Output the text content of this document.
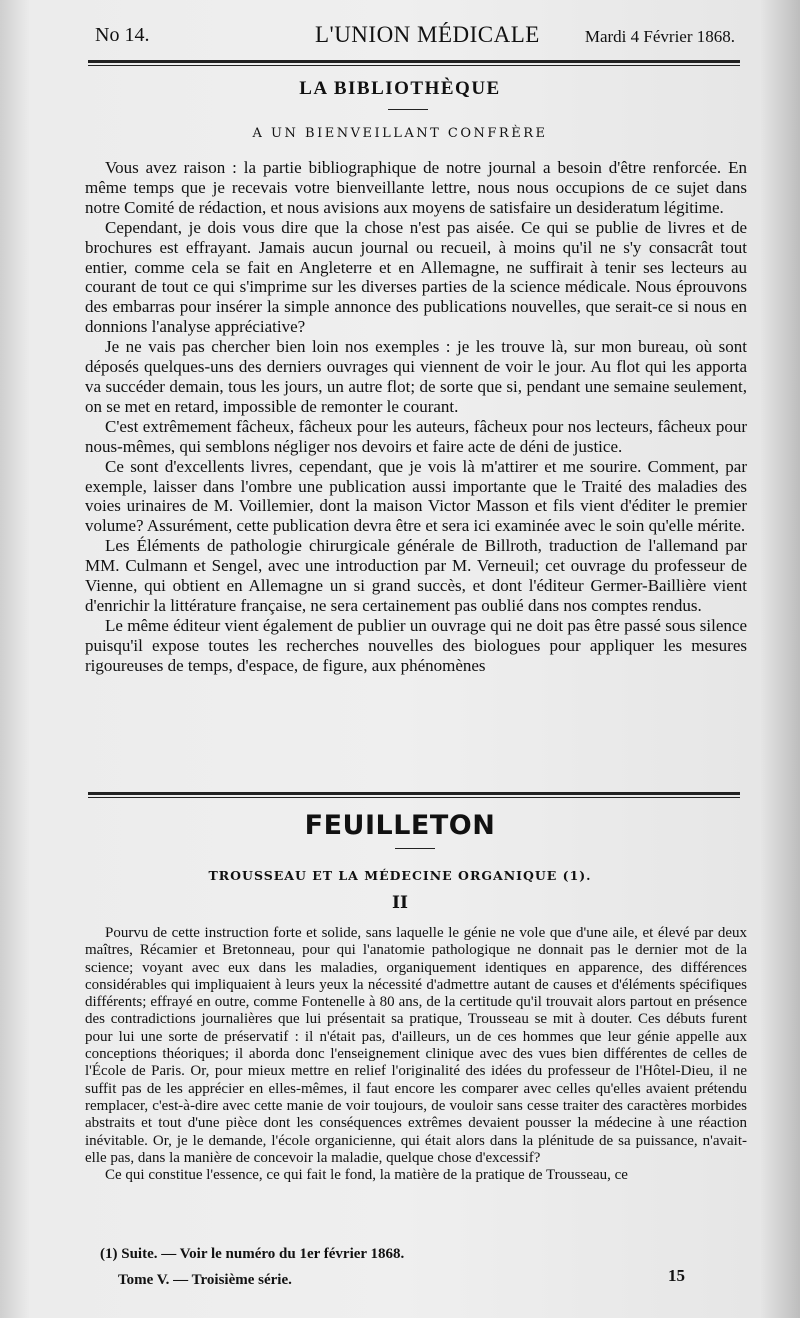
No 14.	L'UNION MÉDICALE	Mardi 4 Février 1868.
LA BIBLIOTHÈQUE
A UN BIENVEILLANT CONFRÈRE

Vous avez raison : la partie bibliographique de notre journal a besoin d'être renforcée. En même temps que je recevais votre bienveillante lettre, nous nous occupions de ce sujet dans notre Comité de rédaction, et nous avisions aux moyens de satisfaire un desideratum légitime.

Cependant, je dois vous dire que la chose n'est pas aisée. Ce qui se publie de livres et de brochures est effrayant. Jamais aucun journal ou recueil, à moins qu'il ne s'y consacrât tout entier, comme cela se fait en Angleterre et en Allemagne, ne suffirait à tenir ses lecteurs au courant de tout ce qui s'imprime sur les diverses parties de la science médicale. Nous éprouvons des embarras pour insérer la simple annonce des publications nouvelles, que serait-ce si nous en donnions l'analyse appréciative?

Je ne vais pas chercher bien loin nos exemples : je les trouve là, sur mon bureau, où sont déposés quelques-uns des derniers ouvrages qui viennent de voir le jour. Au flot qui les apporta va succéder demain, tous les jours, un autre flot; de sorte que si, pendant une semaine seulement, on se met en retard, impossible de remonter le courant.

C'est extrêmement fâcheux, fâcheux pour les auteurs, fâcheux pour nos lecteurs, fâcheux pour nous-mêmes, qui semblons négliger nos devoirs et faire acte de déni de justice.

Ce sont d'excellents livres, cependant, que je vois là m'attirer et me sourire. Comment, par exemple, laisser dans l'ombre une publication aussi importante que le Traité des maladies des voies urinaires de M. Voillemier, dont la maison Victor Masson et fils vient d'éditer le premier volume? Assurément, cette publication devra être et sera ici examinée avec le soin qu'elle mérite.

Les Éléments de pathologie chirurgicale générale de Billroth, traduction de l'allemand par MM. Culmann et Sengel, avec une introduction par M. Verneuil; cet ouvrage du professeur de Vienne, qui obtient en Allemagne un si grand succès, et dont l'éditeur Germer-Baillière vient d'enrichir la littérature française, ne sera certainement pas oublié dans nos comptes rendus.

Le même éditeur vient également de publier un ouvrage qui ne doit pas être passé sous silence puisqu'il expose toutes les recherches nouvelles des biologues pour appliquer les mesures rigoureuses de temps, d'espace, de figure, aux phénomènes

FEUILLETON
TROUSSEAU ET LA MÉDECINE ORGANIQUE (1).
II

Pourvu de cette instruction forte et solide, sans laquelle le génie ne vole que d'une aile, et élevé par deux maîtres, Récamier et Bretonneau, pour qui l'anatomie pathologique ne donnait pas le dernier mot de la science; voyant avec eux dans les maladies, organiquement identiques en apparence, des différences considérables qui impliquaient à leurs yeux la nécessité d'admettre autant de causes et d'éléments spécifiques différents; effrayé en outre, comme Fontenelle à 80 ans, de la certitude qu'il trouvait alors partout en présence des contradictions journalières que lui présentait sa pratique, Trousseau se mit à douter. Ces débuts furent pour lui une sorte de préservatif : il n'était pas, d'ailleurs, un de ces hommes que leur génie appelle aux conceptions théoriques; il aborda donc l'enseignement clinique avec des vues bien différentes de celles de l'École de Paris. Or, pour mieux mettre en relief l'originalité des idées du professeur de l'Hôtel-Dieu, il ne suffit pas de les apprécier en elles-mêmes, il faut encore les comparer avec celles qu'elles avaient prétendu remplacer, c'est-à-dire avec cette manie de voir toujours, de vouloir sans cesse traiter des caractères morbides abstraits et tout d'une pièce dont les conséquences extrêmes devaient pousser la médecine à une réaction inévitable. Or, je le demande, l'école organicienne, qui était alors dans la plénitude de sa puissance, n'avait-elle pas, dans la manière de concevoir la maladie, quelque chose d'excessif?

Ce qui constitue l'essence, ce qui fait le fond, la matière de la pratique de Trousseau, ce

(1) Suite. — Voir le numéro du 1er février 1868.
Tome V. — Troisième série.	15
